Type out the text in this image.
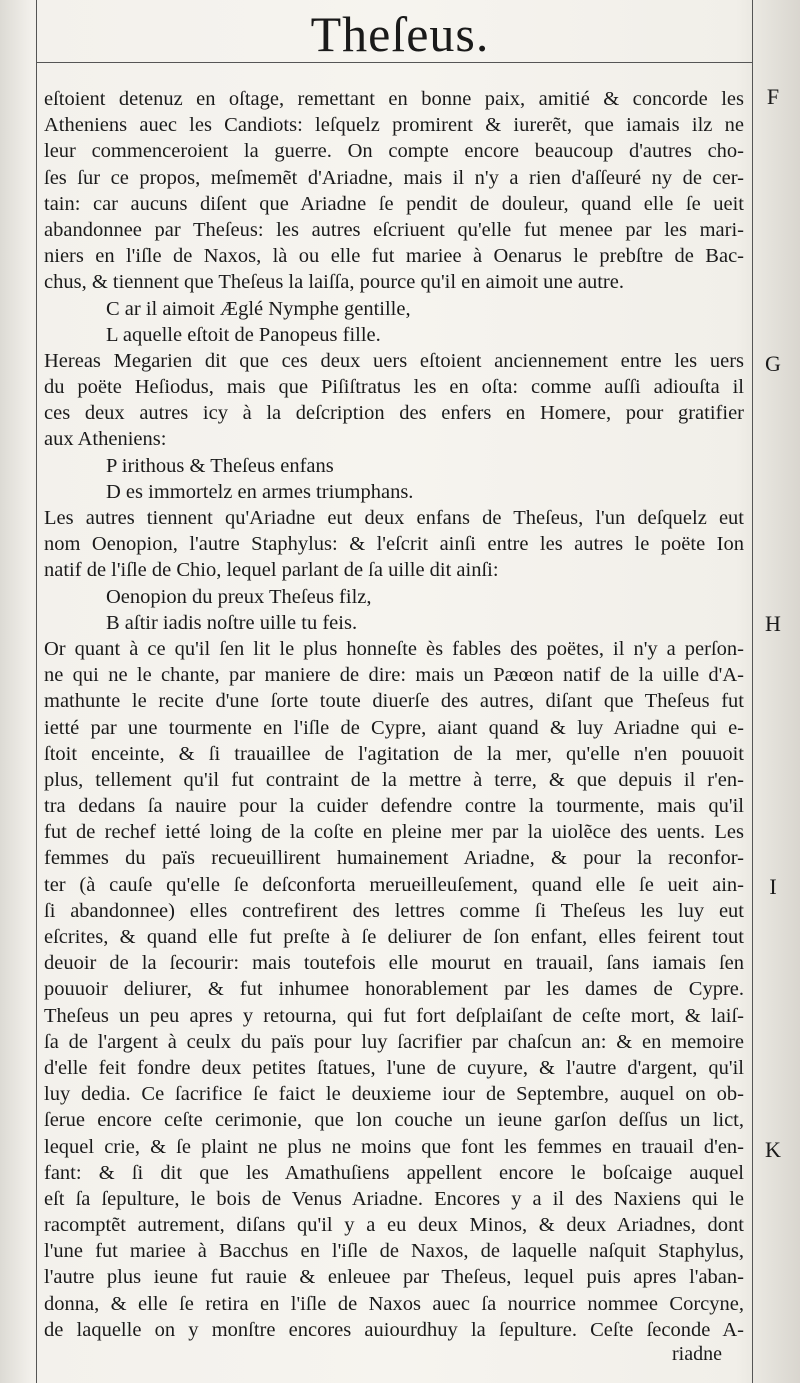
Theſeus.
eſtoient detenuz en oſtage, remettant en bonne paix, amitié & concorde les
Atheniens auec les Candiots: leſquelz promirent & iurerẽt, que iamais ilz ne
leur commenceroient la guerre. On compte encore beaucoup d'autres cho-
ſes ſur ce propos, meſmemẽt d'Ariadne, mais il n'y a rien d'aſſeuré ny de cer-
tain: car aucuns diſent que Ariadne ſe pendit de douleur, quand elle ſe ueit
abandonnee par Theſeus: les autres eſcriuent qu'elle fut menee par les mari-
niers en l'iſle de Naxos, là ou elle fut mariee à Oenarus le prebſtre de Bac-
chus, & tiennent que Theſeus la laiſſa, pource qu'il en aimoit une autre.
C ar il aimoit Æglé Nymphe gentille,
L aquelle eſtoit de Panopeus fille.
Hereas Megarien dit que ces deux uers eſtoient anciennement entre les uers
du poëte Heſiodus, mais que Piſiſtratus les en oſta: comme auſſi adiouſta il
ces deux autres icy à la deſcription des enfers en Homere, pour gratifier
aux Atheniens:
P irithous & Theſeus enfans
D es immortelz en armes triumphans.
Les autres tiennent qu'Ariadne eut deux enfans de Theſeus, l'un deſquelz eut
nom Oenopion, l'autre Staphylus: & l'eſcrit ainſi entre les autres le poëte Ion
natif de l'iſle de Chio, lequel parlant de ſa uille dit ainſi:
Oenopion du preux Theſeus filz,
B aſtir iadis noſtre uille tu feis.
Or quant à ce qu'il ſen lit le plus honneſte ès fables des poëtes, il n'y a perſon-
ne qui ne le chante, par maniere de dire: mais un Pæœon natif de la uille d'A-
mathunte le recite d'une ſorte toute diuerſe des autres, diſant que Theſeus fut
ietté par une tourmente en l'iſle de Cypre, aiant quand & luy Ariadne qui e-
ſtoit enceinte, & ſi trauaillee de l'agitation de la mer, qu'elle n'en pouuoit
plus, tellement qu'il fut contraint de la mettre à terre, & que depuis il r'en-
tra dedans ſa nauire pour la cuider defendre contre la tourmente, mais qu'il
fut de rechef ietté loing de la coſte en pleine mer par la uiolẽce des uents. Les
femmes du païs recueuillirent humainement Ariadne, & pour la reconfor-
ter (à cauſe qu'elle ſe deſconforta merueilleuſement, quand elle ſe ueit ain-
ſi abandonnee) elles contrefirent des lettres comme ſi Theſeus les luy eut
eſcrites, & quand elle fut preſte à ſe deliurer de ſon enfant, elles feirent tout
deuoir de la ſecourir: mais toutefois elle mourut en trauail, ſans iamais ſen
pouuoir deliurer, & fut inhumee honorablement par les dames de Cypre.
Theſeus un peu apres y retourna, qui fut fort deſplaiſant de ceſte mort, & laiſ-
ſa de l'argent à ceulx du païs pour luy ſacrifier par chaſcun an: & en memoire
d'elle feit fondre deux petites ſtatues, l'une de cuyure, & l'autre d'argent, qu'il
luy dedia. Ce ſacrifice ſe faict le deuxieme iour de Septembre, auquel on ob-
ſerue encore ceſte cerimonie, que lon couche un ieune garſon deſſus un lict,
lequel crie, & ſe plaint ne plus ne moins que font les femmes en trauail d'en-
fant: & ſi dit que les Amathuſiens appellent encore le boſcaige auquel
eſt ſa ſepulture, le bois de Venus Ariadne. Encores y a il des Naxiens qui le
racomptẽt autrement, diſans qu'il y a eu deux Minos, & deux Ariadnes, dont
l'une fut mariee à Bacchus en l'iſle de Naxos, de laquelle naſquit Staphylus,
l'autre plus ieune fut rauie & enleuee par Theſeus, lequel puis apres l'aban-
donna, & elle ſe retira en l'iſle de Naxos auec ſa nourrice nommee Corcyne,
de laquelle on y monſtre encores auiourdhuy la ſepulture. Ceſte ſeconde A-
F
G
H
I
K
riadne
